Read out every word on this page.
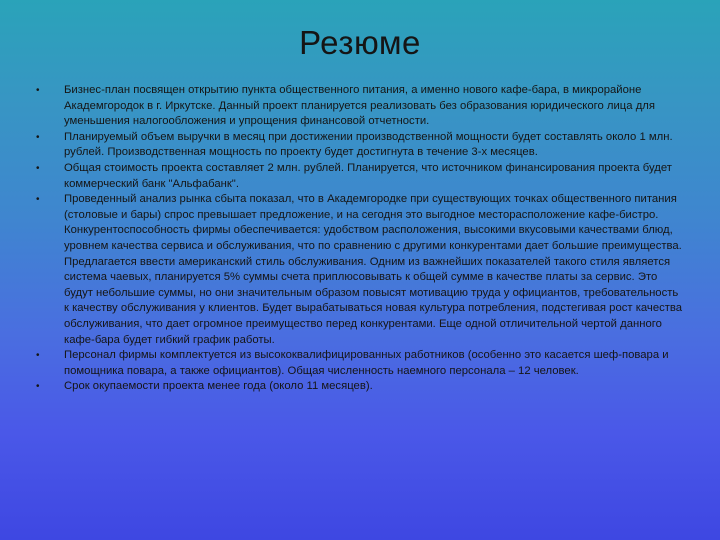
Резюме
•	Бизнес-план посвящен открытию пункта общественного питания, а именно нового кафе-бара, в микрорайоне Академгородок в г. Иркутске. Данный проект планируется реализовать без образования юридического лица для уменьшения налогообложения и упрощения финансовой отчетности.
•	Планируемый объем выручки в месяц при достижении производственной мощности будет составлять около 1 млн. рублей. Производственная мощность по проекту будет достигнута в течение 3-х месяцев.
•	Общая стоимость проекта составляет 2 млн. рублей. Планируется, что источником финансирования проекта будет коммерческий банк "Альфабанк".
•	Проведенный анализ рынка сбыта показал, что в Академгородке при существующих точках общественного питания (столовые и бары) спрос превышает предложение, и на сегодня это выгодное месторасположение кафе-бистро. Конкурентоспособность фирмы обеспечивается: удобством расположения, высокими вкусовыми качествами блюд, уровнем качества сервиса и обслуживания, что по сравнению с другими конкурентами дает большие преимущества. Предлагается ввести американский стиль обслуживания. Одним из важнейших показателей такого стиля является система чаевых, планируется 5% суммы счета приплюсовывать к общей сумме в качестве платы за сервис. Это будут небольшие суммы, но они значительным образом повысят мотивацию труда у официантов, требовательность к качеству обслуживания у клиентов. Будет вырабатываться новая культура потребления, подстегивая рост качества обслуживания, что дает огромное преимущество перед конкурентами. Еще одной отличительной чертой данного кафе-бара будет гибкий график работы.
•	Персонал фирмы комплектуется из высококвалифицированных работников (особенно это касается шеф-повара и помощника повара, а также официантов). Общая численность наемного персонала – 12 человек.
•	Срок окупаемости проекта менее года (около 11 месяцев).
